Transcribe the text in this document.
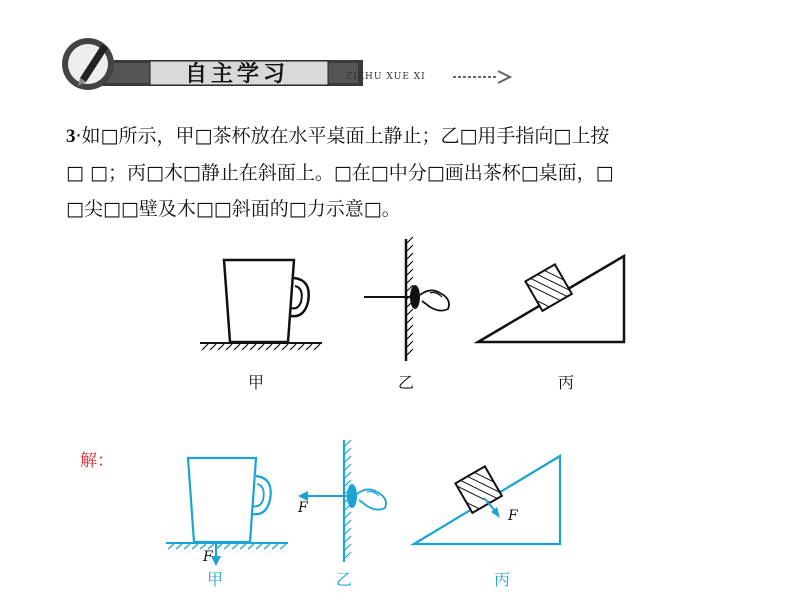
自主学习	ZIZHU XUE XI
3·如□所示，甲□茶杯放在水平桌面上静止；乙□用手指向□上按
□ □；丙□木□静止在斜面上。□在□中分□画出茶杯□桌面，□
□尖□□壁及木□□斜面的□力示意□。
甲	乙	丙
解：
F
甲
F
乙
F
丙
